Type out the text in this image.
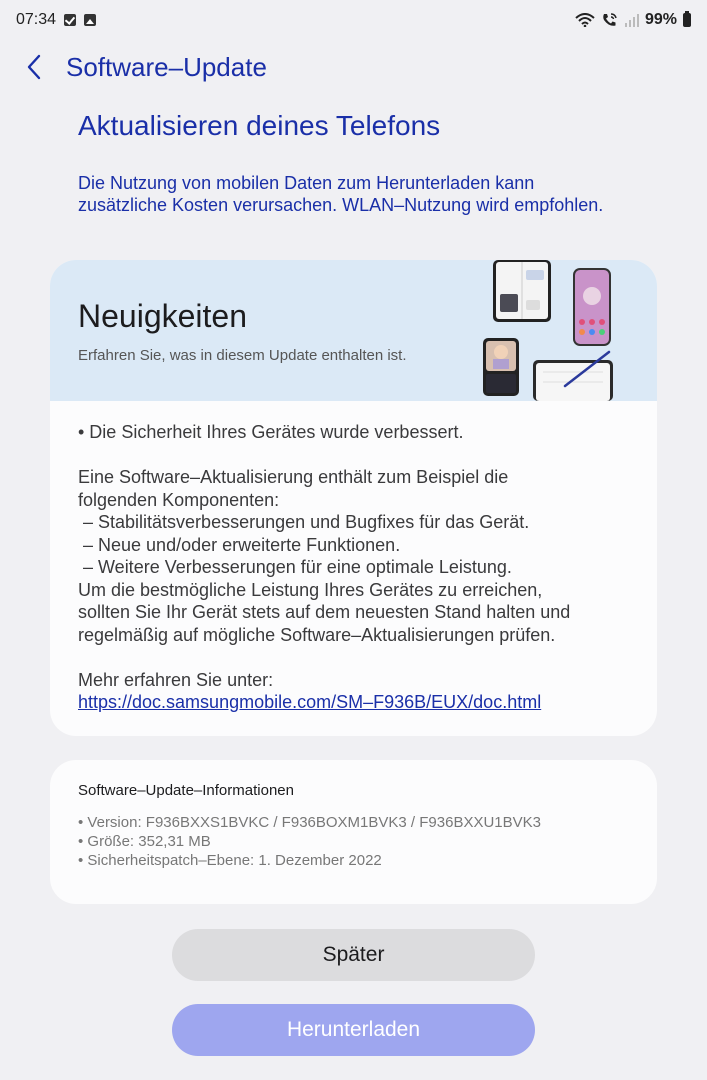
07:34	99%
Software–Update
Aktualisieren deines Telefons

Die Nutzung von mobilen Daten zum Herunterladen kann zusätzliche Kosten verursachen. WLAN–Nutzung wird empfohlen.

Neuigkeiten

Erfahren Sie, was in diesem Update enthalten ist.

• Die Sicherheit Ihres Gerätes wurde verbessert.

Eine Software–Aktualisierung enthält zum Beispiel die

folgenden Komponenten:

– Stabilitätsverbesserungen und Bugfixes für das Gerät.

– Neue und/oder erweiterte Funktionen.

– Weitere Verbesserungen für eine optimale Leistung.

Um die bestmögliche Leistung Ihres Gerätes zu erreichen,

sollten Sie Ihr Gerät stets auf dem neuesten Stand halten und

regelmäßig auf mögliche Software–Aktualisierungen prüfen.

Mehr erfahren Sie unter:

https://doc.samsungmobile.com/SM–F936B/EUX/doc.html

Software–Update–Informationen

• Version: F936BXXS1BVKC / F936BOXM1BVK3 / F936BXXU1BVK3

• Größe: 352,31 MB

• Sicherheitspatch–Ebene: 1. Dezember 2022

Später
Herunterladen
